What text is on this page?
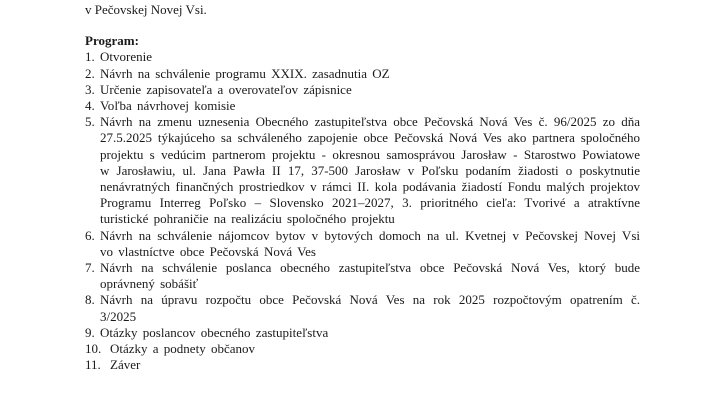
v Pečovskej Novej Vsi.

Program:

1. Otvorenie
2. Návrh na schválenie programu XXIX. zasadnutia OZ
3. Určenie zapisovateľa a overovateľov zápisnice
4. Voľba návrhovej komisie
5. Návrh na zmenu uznesenia Obecného zastupiteľstva obce Pečovská Nová Ves č. 96/2025 zo dňa 27.5.2025 týkajúceho sa schváleného zapojenie obce Pečovská Nová Ves ako partnera spoločného projektu s vedúcim partnerom projektu - okresnou samosprávou Jarosław - Starostwo Powiatowe w Jarosławiu, ul. Jana Pawła II 17, 37-500 Jarosław v Poľsku podaním žiadosti o poskytnutie nenávratných finančných prostriedkov v rámci II. kola podávania žiadostí Fondu malých projektov Programu Interreg Poľsko – Slovensko 2021–2027, 3. prioritného cieľa: Tvorivé a atraktívne turistické pohraničie na realizáciu spoločného projektu
6. Návrh na schválenie nájomcov bytov v bytových domoch na ul. Kvetnej v Pečovskej Novej Vsi vo vlastníctve obce Pečovská Nová Ves
7. Návrh na schválenie poslanca obecného zastupiteľstva obce Pečovská Nová Ves, ktorý bude oprávnený sobášiť
8. Návrh na úpravu rozpočtu obce Pečovská Nová Ves na rok 2025 rozpočtovým opatrením č. 3/2025
9. Otázky poslancov obecného zastupiteľstva
10. Otázky a podnety občanov
11. Záver
